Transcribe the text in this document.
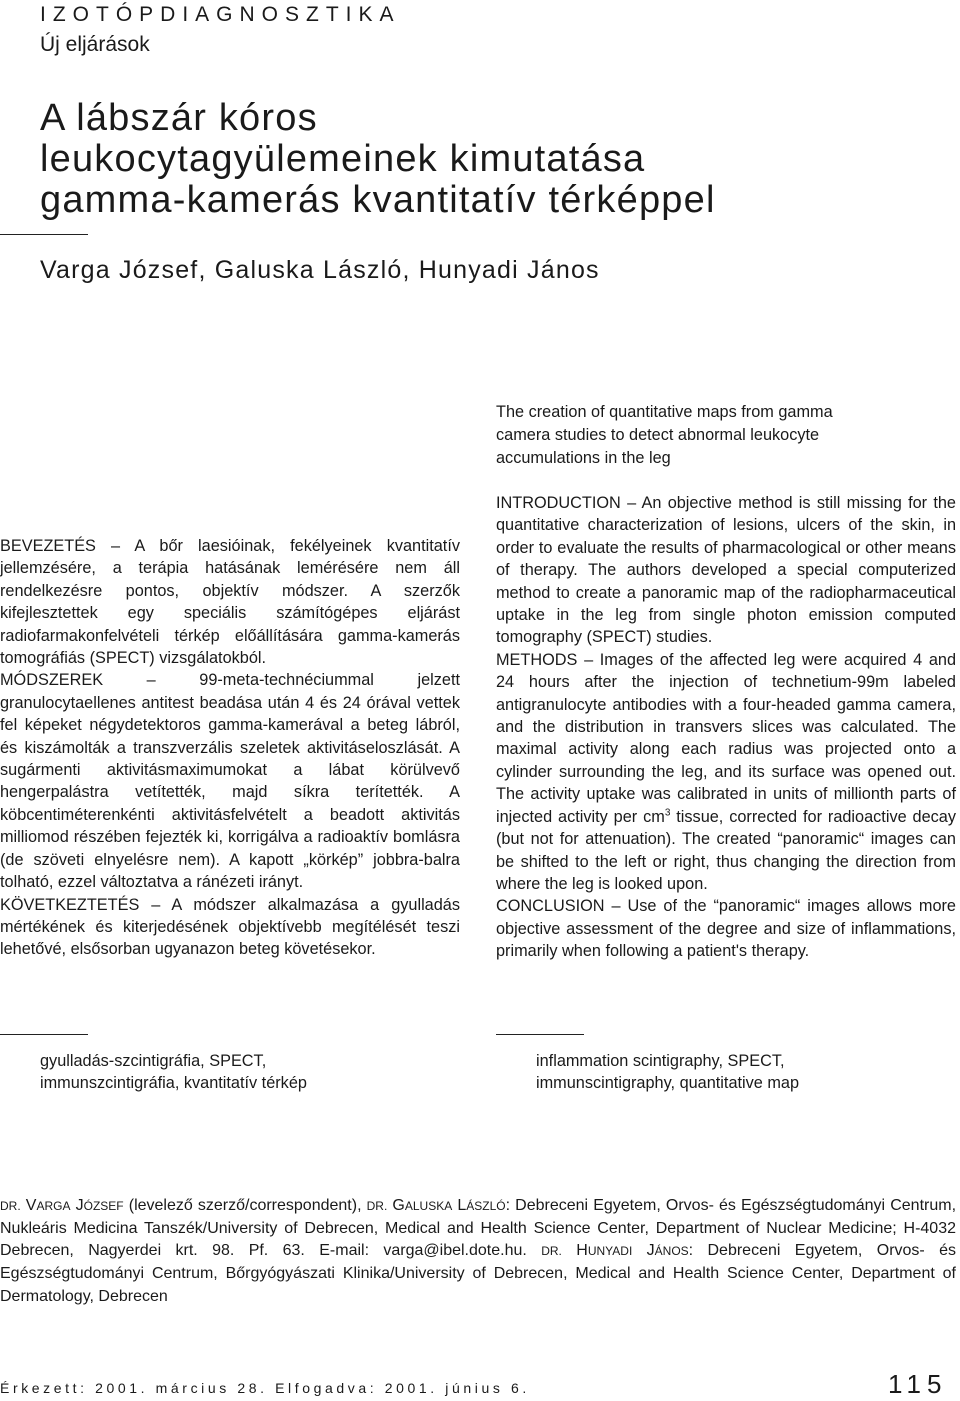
IZOTÓPDIAGNOSZTIKA
Új eljárások
A lábszár kóros
leukocytagyülemeinek kimutatása
gamma-kamerás kvantitatív térképpel
Varga József, Galuska László, Hunyadi János
The creation of quantitative maps from gamma
camera studies to detect abnormal leukocyte
accumulations in the leg

BEVEZETÉS – A bőr laesióinak, fekélyeinek kvantitatív jellemzésére, a terápia hatásának lemérésére nem áll rendelkezésre pontos, objektív módszer. A szerzők kifejlesztettek egy speciális számítógépes eljárást radiofarmakonfelvételi térkép előállítására gamma-kamerás tomográfiás (SPECT) vizsgálatokból.

MÓDSZEREK – 99-meta-technéciummal jelzett granulocytaellenes antitest beadása után 4 és 24 órával vettek fel képeket négydetektoros gamma-kamerával a beteg lábról, és kiszámolták a transzverzális szeletek aktivitáseloszlását. A sugármenti aktivitásmaximumokat a lábat körülvevő hengerpalástra vetítették, majd síkra terítették. A köbcentiméterenkénti aktivitásfelvételt a beadott aktivitás milliomod részében fejezték ki, korrigálva a radioaktív bomlásra (de szöveti elnyelésre nem). A kapott „körkép” jobbra-balra tolható, ezzel változtatva a ránézeti irányt.

KÖVETKEZTETÉS – A módszer alkalmazása a gyulladás mértékének és kiterjedésének objektívebb megítélését teszi lehetővé, elsősorban ugyanazon beteg követésekor.

INTRODUCTION – An objective method is still missing for the quantitative characterization of lesions, ulcers of the skin, in order to evaluate the results of pharmacological or other means of therapy. The authors developed a special computerized method to create a panoramic map of the radiopharmaceutical uptake in the leg from single photon emission computed tomography (SPECT) studies.

METHODS – Images of the affected leg were acquired 4 and 24 hours after the injection of technetium-99m labeled antigranulocyte antibodies with a four-headed gamma camera, and the distribution in transvers slices was calculated. The maximal activity along each radius was projected onto a cylinder surrounding the leg, and its surface was opened out. The activity uptake was calibrated in units of millionth parts of injected activity per $cm^3$ tissue, corrected for radioactive decay (but not for attenuation). The created “panoramic“ images can be shifted to the left or right, thus changing the direction from where the leg is looked upon.

CONCLUSION – Use of the “panoramic“ images allows more objective assessment of the degree and size of inflammations, primarily when following a patient's therapy.

gyulladás-szcintigráfia, SPECT,
immunszcintigráfia, kvantitatív térkép
inflammation scintigraphy, SPECT,
immunscintigraphy, quantitative map
DR. VARGA JÓZSEF (levelező szerző/correspondent), DR. GALUSKA LÁSZLÓ: Debreceni Egyetem, Orvos- és Egészségtudományi Centrum, Nukleáris Medicina Tanszék/University of Debrecen, Medical and Health Science Center, Department of Nuclear Medicine; H-4032 Debrecen, Nagyerdei krt. 98. Pf. 63. E-mail: varga@ibel.dote.hu. DR. HUNYADI JÁNOS: Debreceni Egyetem, Orvos- és Egészségtudományi Centrum, Bőrgyógyászati Klinika/University of Debrecen, Medical and Health Science Center, Department of Dermatology, Debrecen
Érkezett: 2001. március 28. Elfogadva: 2001. június 6.	115
